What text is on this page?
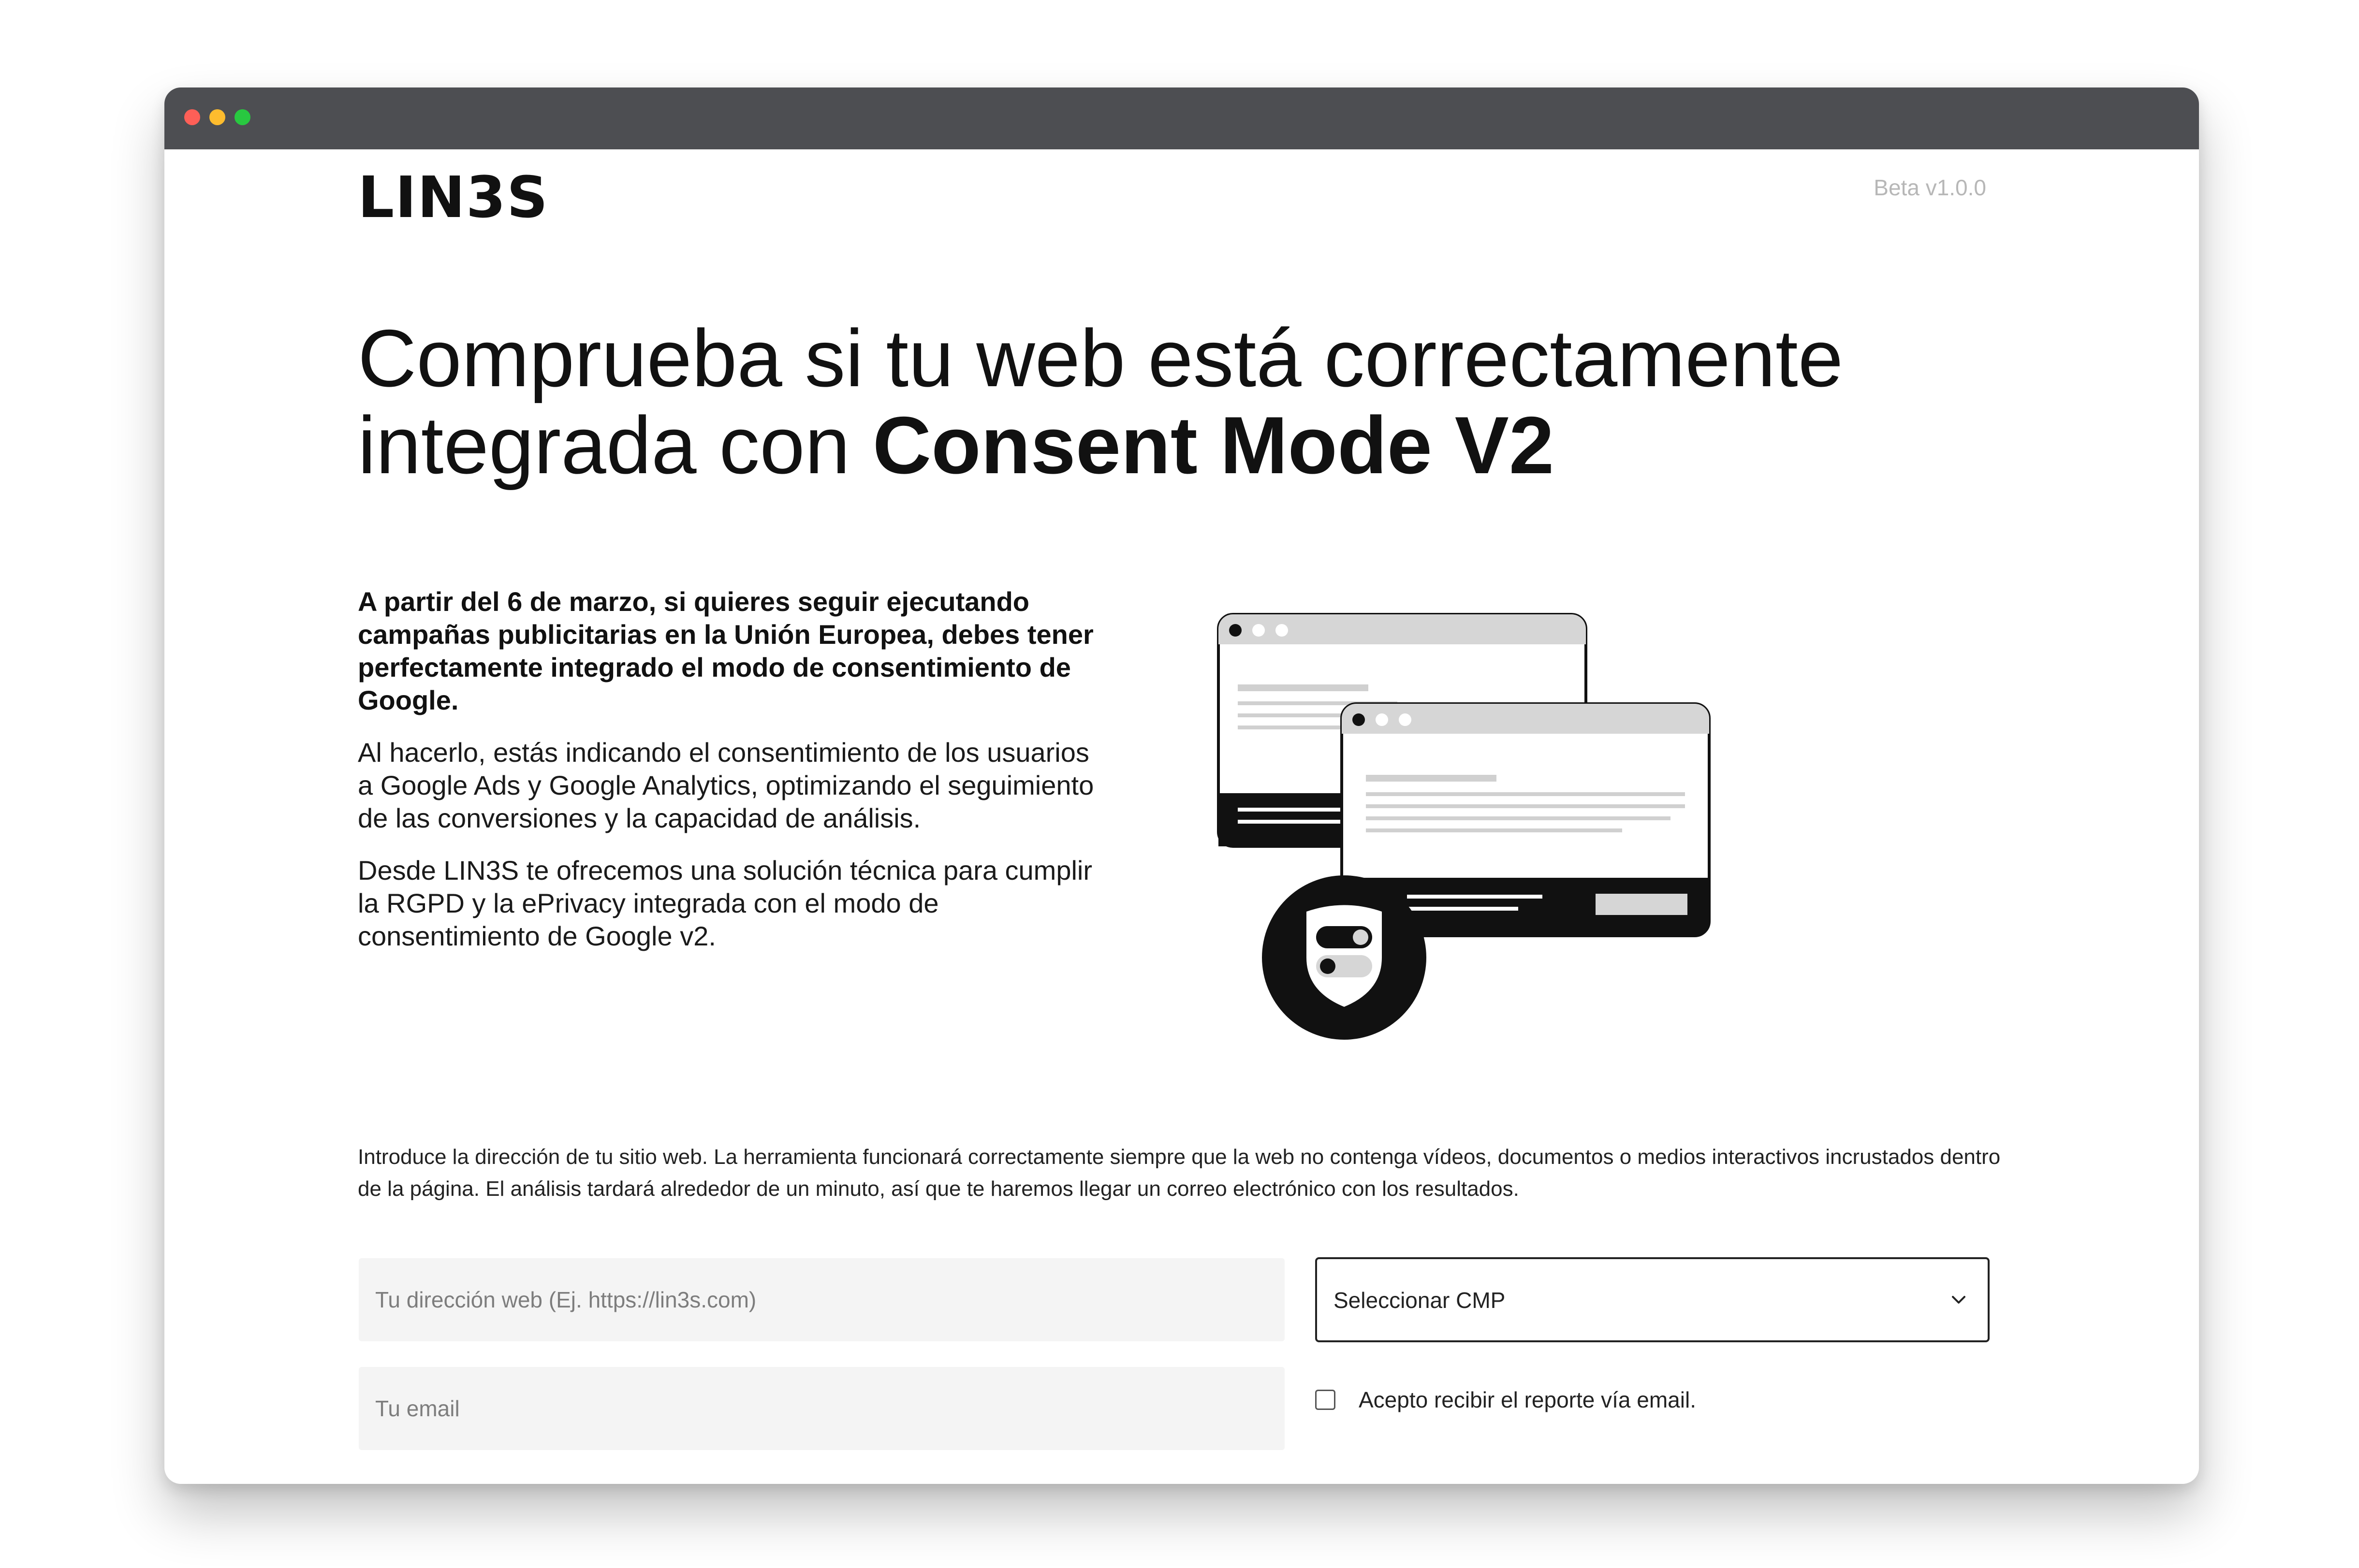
LIN3S	Beta v1.0.0
Comprueba si tu web está correctamente
integrada con Consent Mode V2

A partir del 6 de marzo, si quieres seguir ejecutando campañas publicitarias en la Unión Europea, debes tener perfectamente integrado el modo de consentimiento de Google.

Al hacerlo, estás indicando el consentimiento de los usuarios a Google Ads y Google Analytics, optimizando el seguimiento de las conversiones y la capacidad de análisis.

Desde LIN3S te ofrecemos una solución técnica para cumplir la RGPD y la ePrivacy integrada con el modo de consentimiento de Google v2.

Introduce la dirección de tu sitio web. La herramienta funcionará correctamente siempre que la web no contenga vídeos, documentos o medios interactivos incrustados dentro de la página. El análisis tardará alrededor de un minuto, así que te haremos llegar un correo electrónico con los resultados.

Tu dirección web (Ej. https://lin3s.com)
Seleccionar CMP
Tu email
Acepto recibir el reporte vía email.
